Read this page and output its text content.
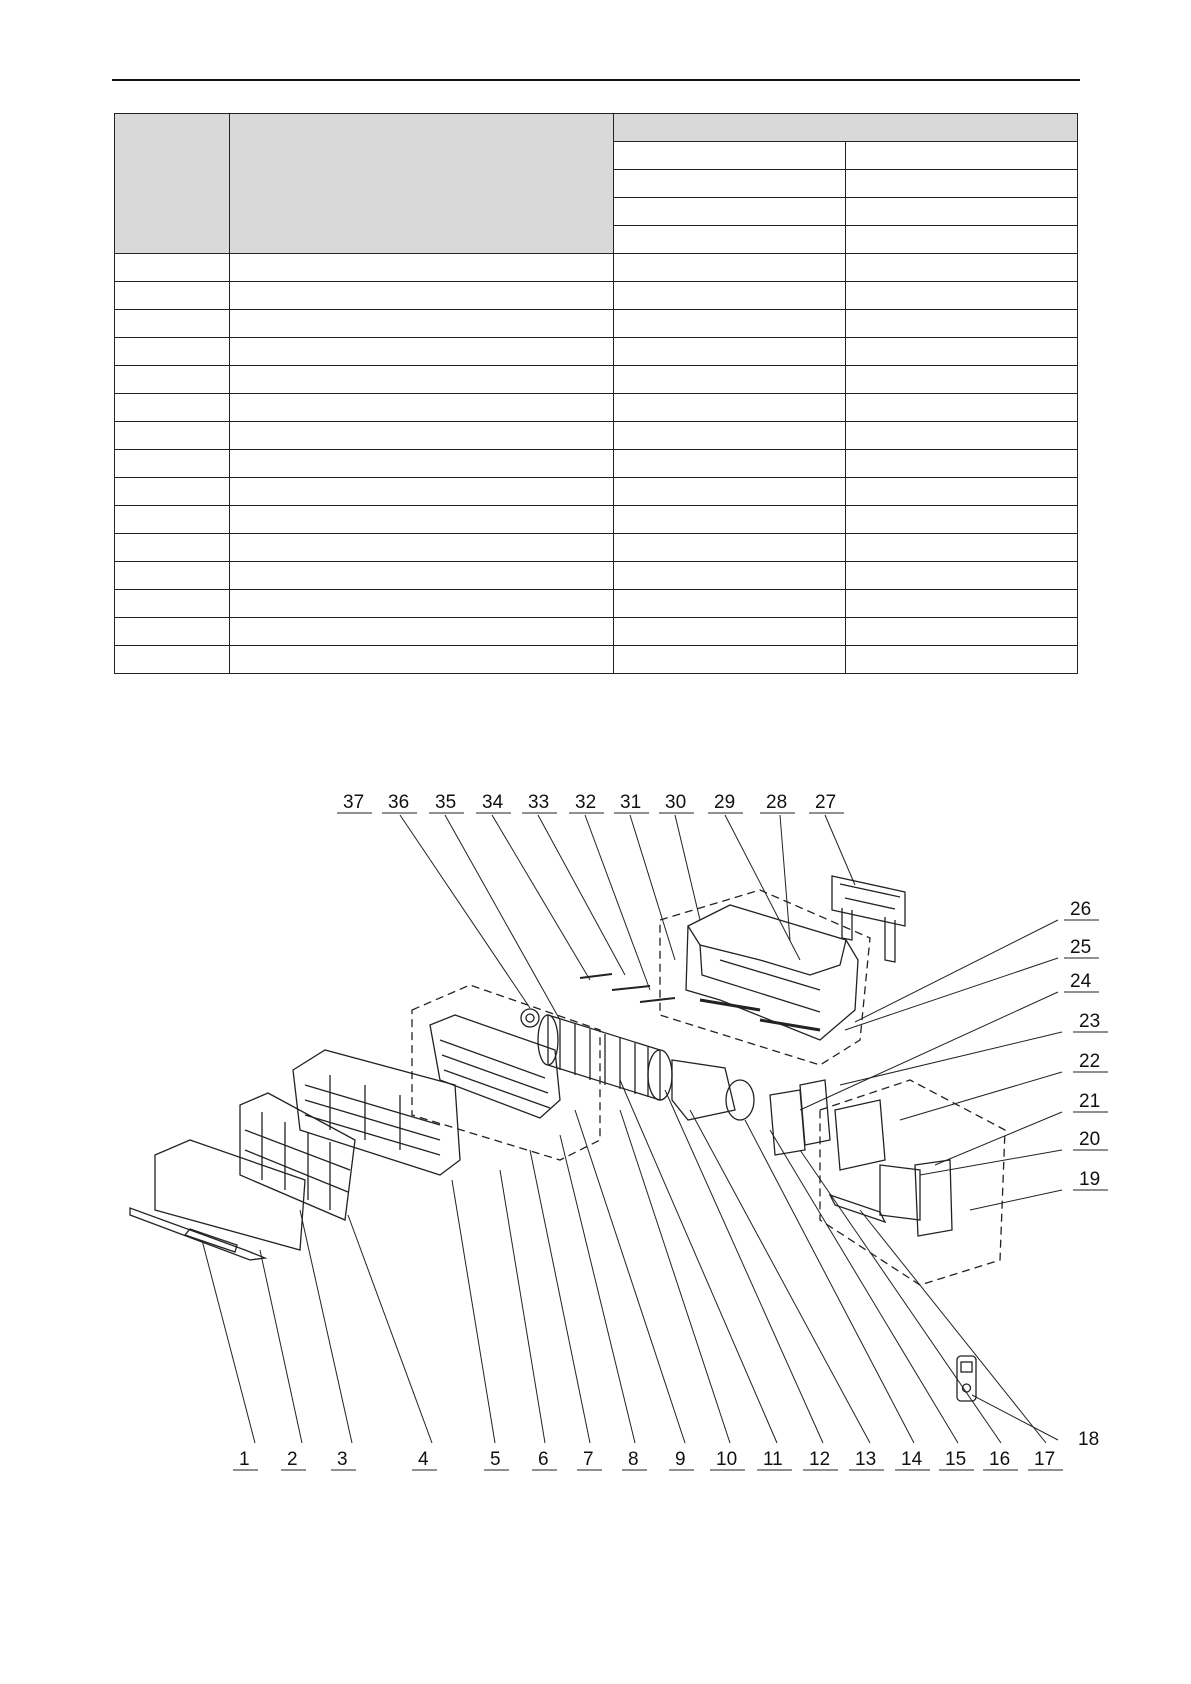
1 2 3	4	5 6 7 8 9 10 11 12 13 14 15 16 17
18
19
20
21
22
23
24
25
26
27
28
29
30
31
32
33
34
35
36
37
